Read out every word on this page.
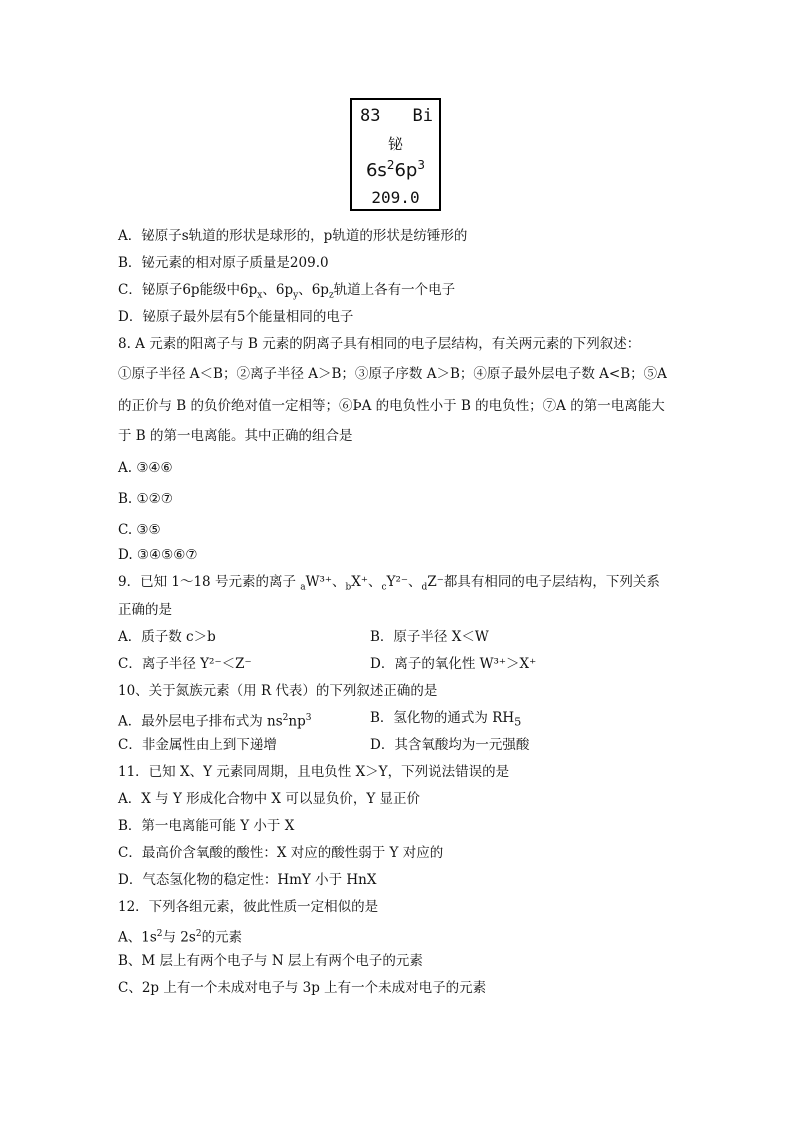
83 Bi
铋
$6s^26p^3$
209.0
A．铋原子s轨道的形状是球形的，p轨道的形状是纺锤形的
B．铋元素的相对原子质量是209.0
C．铋原子6p能级中$6p_x$、$6p_y$、$6p_z$轨道上各有一个电子
D．铋原子最外层有5个能量相同的电子
8. A 元素的阳离子与 B 元素的阴离子具有相同的电子层结构，有关两元素的下列叙述：
①原子半径 A＜B；②离子半径 A＞B；③原子序数 A＞B；④原子最外层电子数 A<B；⑤A
的正价与 B 的负价绝对值一定相等；⑥ÞA 的电负性小于 B 的电负性；⑦A 的第一电离能大
于 B 的第一电离能。其中正确的组合是
A. ③④⑥
B. ①②⑦
C. ③⑤
D. ③④⑤⑥⑦
9．已知 1～18 号元素的离子 $_a$W³⁺、$_b$X⁺、$_c$Y²⁻、$_d$Z⁻都具有相同的电子层结构，下列关系
正确的是
A．质子数 c＞b	B．原子半径 X＜W
C．离子半径 Y²⁻＜Z⁻	D．离子的氧化性 W³⁺＞X⁺
10、关于氮族元素（用 R 代表）的下列叙述正确的是
A．最外层电子排布式为 $ns^2np^3$	B．氢化物的通式为 $RH_5$
C．非金属性由上到下递增	D．其含氧酸均为一元强酸
11．已知 X、Y 元素同周期，且电负性 X＞Y，下列说法错误的是
A．X 与 Y 形成化合物中 X 可以显负价，Y 显正价
B．第一电离能可能 Y 小于 X
C．最高价含氧酸的酸性：X 对应的酸性弱于 Y 对应的
D．气态氢化物的稳定性：HmY 小于 HnX
12．下列各组元素，彼此性质一定相似的是
A、$1s^2$与 $2s^2$的元素
B、M 层上有两个电子与 N 层上有两个电子的元素
C、2p 上有一个未成对电子与 3p 上有一个未成对电子的元素
